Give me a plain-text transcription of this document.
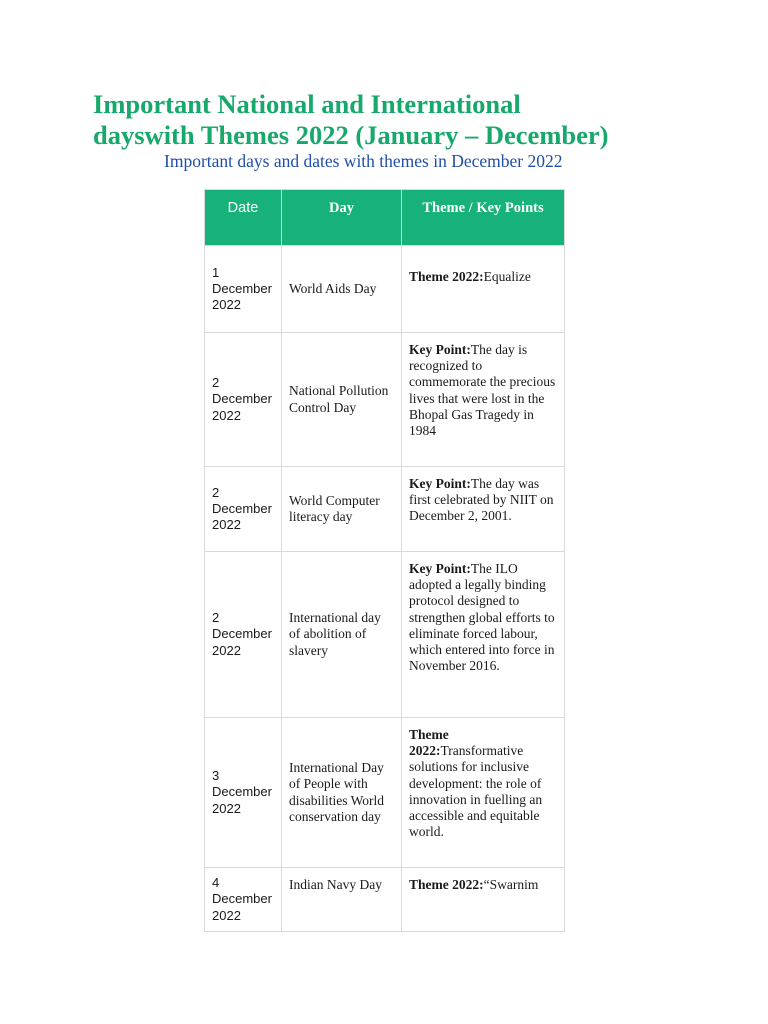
Important National and International
dayswith Themes 2022 (January – December)

Important days and dates with themes in December 2022

Date	Day	Theme / Key Points
1
December
2022	World Aids Day	Theme 2022:Equalize
2
December
2022	National Pollution Control Day	Key Point:The day is recognized to commemorate the precious lives that were lost in the Bhopal Gas Tragedy in 1984
2
December
2022	World Computer literacy day	Key Point:The day was first celebrated by NIIT on December 2, 2001.
2
December
2022	International day of abolition of slavery	Key Point:The ILO adopted a legally binding protocol designed to strengthen global efforts to eliminate forced labour, which entered into force in November 2016.
3
December
2022	International Day of People with disabilities World conservation day	Theme 2022:Transformative solutions for inclusive development: the role of innovation in fuelling an accessible and equitable world.
4
December
2022	Indian Navy Day	Theme 2022:“Swarnim
